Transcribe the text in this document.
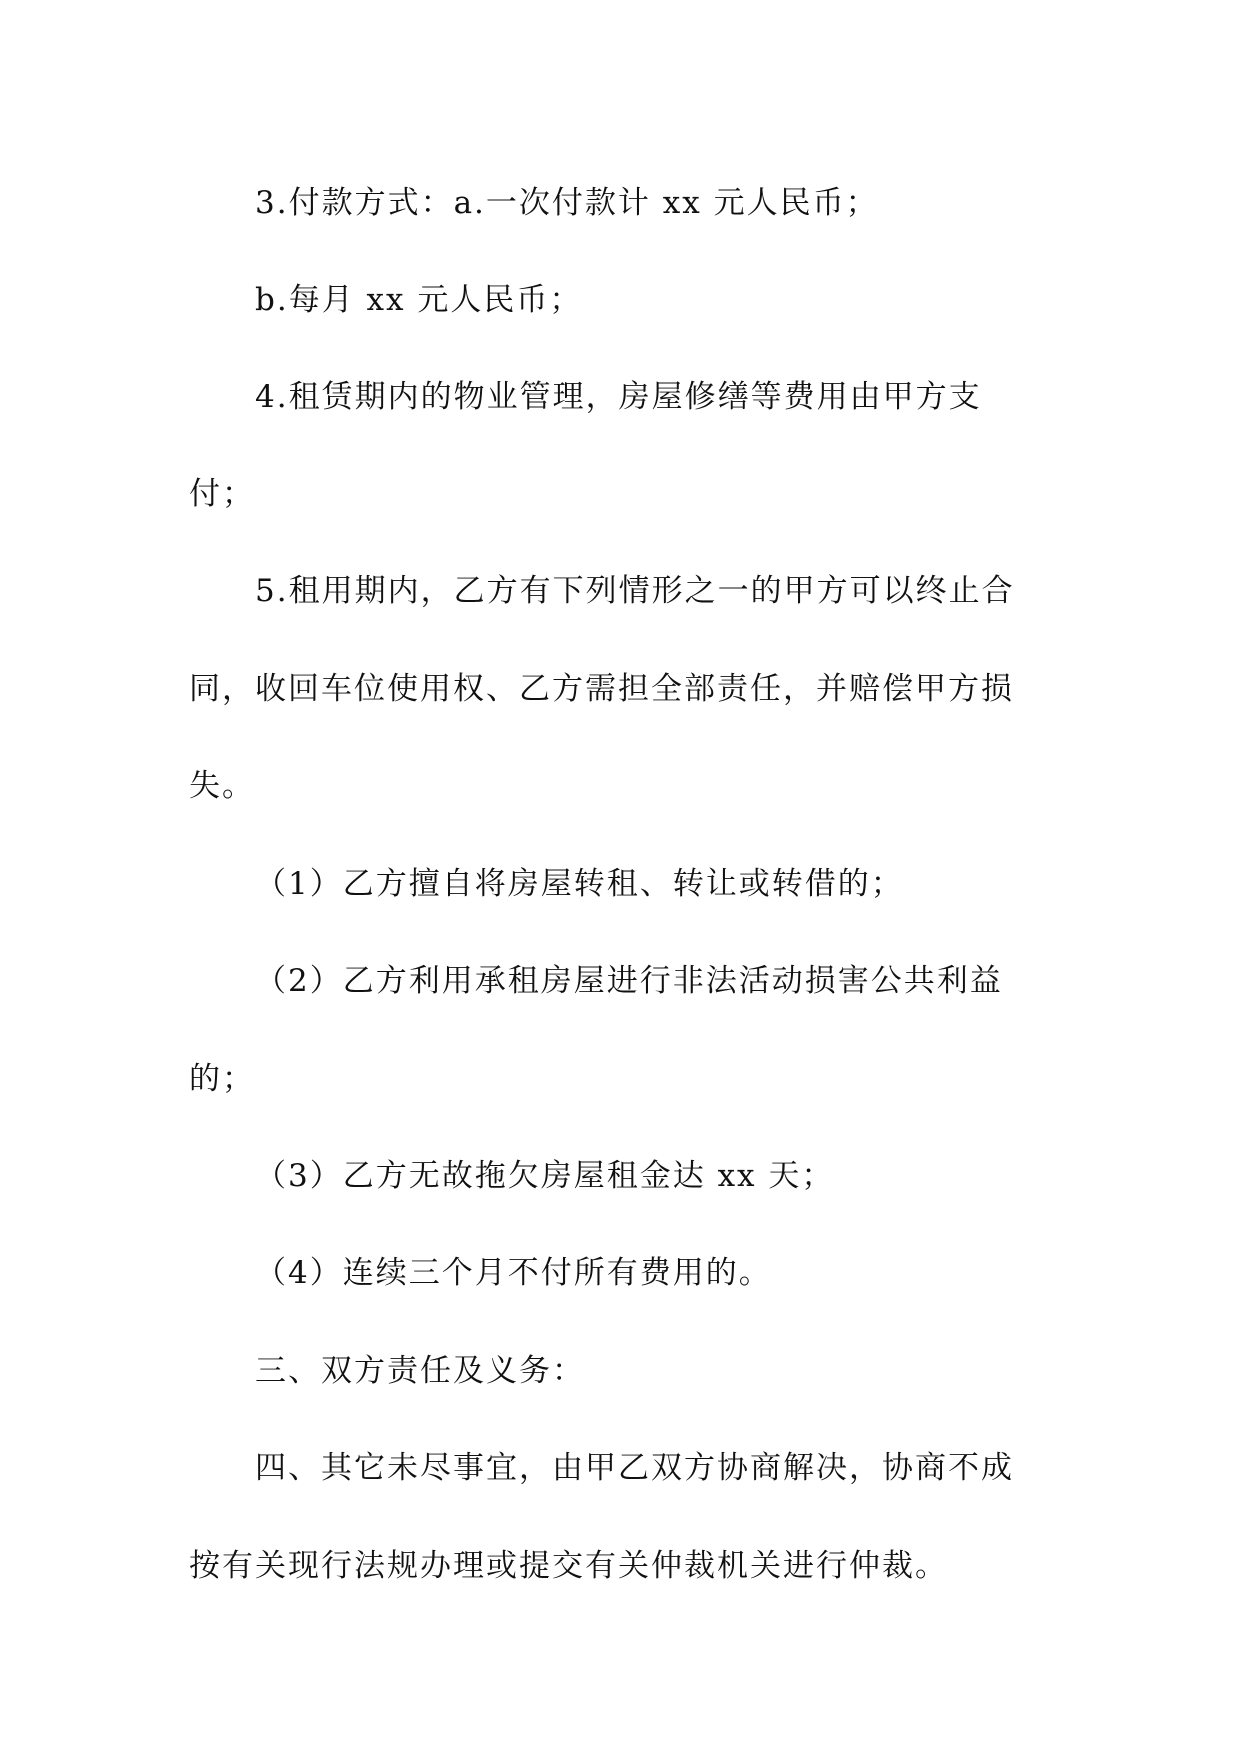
3.付款方式：a.一次付款计 xx 元人民币；
b.每月 xx 元人民币；
4.租赁期内的物业管理，房屋修缮等费用由甲方支
付；
5.租用期内，乙方有下列情形之一的甲方可以终止合
同，收回车位使用权、乙方需担全部责任，并赔偿甲方损
失。
（1）乙方擅自将房屋转租、转让或转借的；
（2）乙方利用承租房屋进行非法活动损害公共利益
的；
（3）乙方无故拖欠房屋租金达 xx 天；
（4）连续三个月不付所有费用的。
三、双方责任及义务：
四、其它未尽事宜，由甲乙双方协商解决，协商不成
按有关现行法规办理或提交有关仲裁机关进行仲裁。
